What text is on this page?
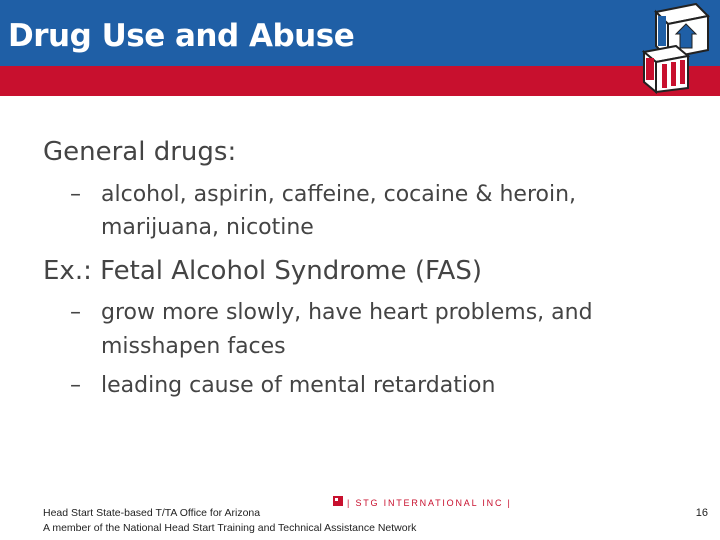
Drug Use and Abuse
General drugs:
– alcohol, aspirin, caffeine, cocaine & heroin,
marijuana, nicotine
Ex.: Fetal Alcohol Syndrome (FAS)
– grow more slowly, have heart problems, and
misshapen faces
– leading cause of mental retardation
Head Start State-based T/TA Office for Arizona
A member of the National Head Start Training and Technical Assistance Network
| STG INTERNATIONAL INC |
16
